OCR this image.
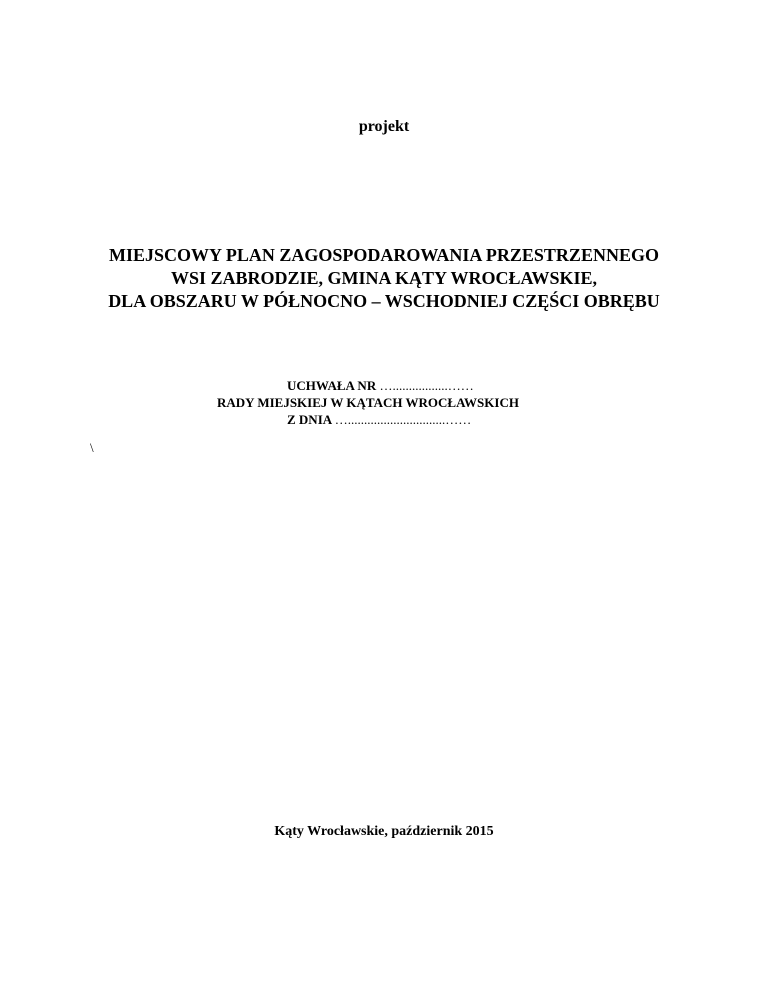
projekt
MIEJSCOWY PLAN ZAGOSPODAROWANIA PRZESTRZENNEGO
WSI ZABRODZIE, GMINA KĄTY WROCŁAWSKIE,
DLA OBSZARU W PÓŁNOCNO – WSCHODNIEJ CZĘŚCI OBRĘBU
UCHWAŁA NR ….................……
RADY MIEJSKIEJ W KĄTACH WROCŁAWSKICH
Z DNIA …..............................……
\
Kąty Wrocławskie, październik 2015
